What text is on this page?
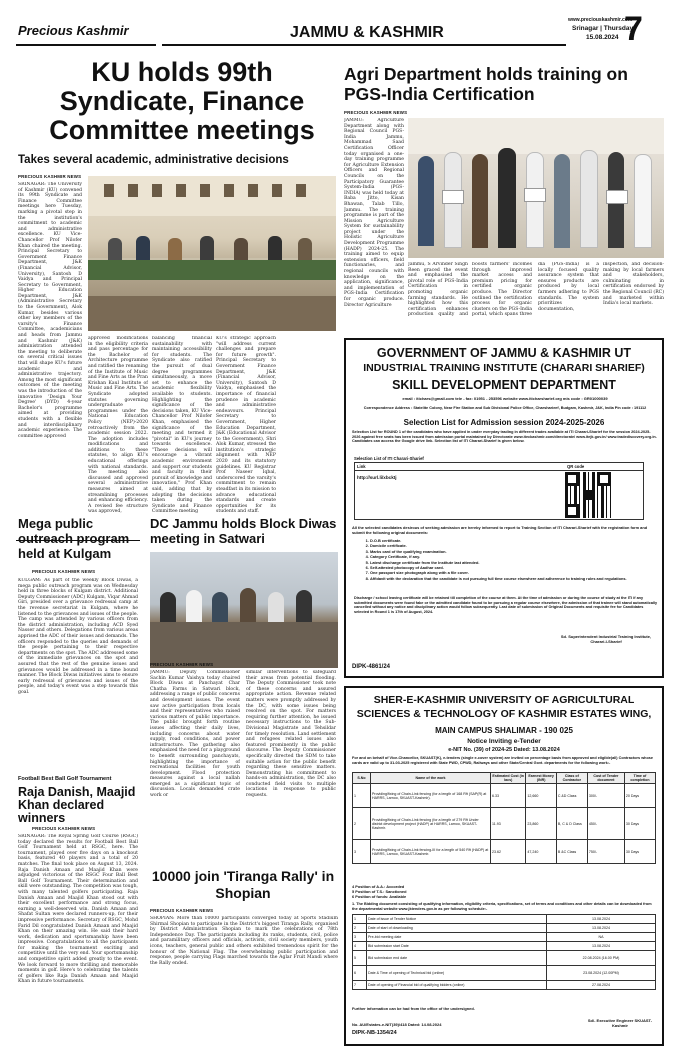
Precious Kashmir	JAMMU & KASHMIR
www.preciouskashmir.com
Srinagar | Thursday
15.08.2024 7
KU holds 99th Syndicate, Finance Committee meetings
Takes several academic, administrative decisions
PRECIOUS KASHMIR NEWS
SRINAGAR: The University of Kashmir (KU) convened its 99th Syndicate and Finance Committee meetings here Tuesday, marking a pivotal step in the institution's commitment to academic and administrative excellence. KU Vice-Chancellor Prof Nilofer Khan chaired the meeting. Principal Secretary to Government Finance Department, J&K (Financial Advisor, University), Santosh D Vaidya and Principal Secretary to Government, Higher Education Department, J&K (Administrative Secretary to the Government), Alok Kumar, besides various other key members of the varsity's Finance Committee, academicians and heads from Jammu and Kashmir (J&K) administration attended the meeting to deliberate on several critical issues that will shape KU's future academic and administrative trajectory. Among the most significant outcomes of the meeting was the introduction of the innovative 'Design Your Degree' (DYD) 4-year Bachelor's programme aimed at providing students with a flexible and interdisciplinary academic experience. The committee approved
approved modifications in the eligibility criteria and pass percentage for the Bachelor of Architecture programme and ratified the renaming of the Institute of Music and Fine Arts as the Pran Krishan Kaul Institute of Music and Fine Arts. The Syndicate adopted statutes governing undergraduate programmes under the National Education Policy (NEP)-2020 retroactively from the academic session 2022. The adoption includes modifications and additions to these statutes, to align KU's educational offerings with national standards. The meeting also discussed and approved several administrative measures aimed at streamlining processes and enhancing efficiency. A revised fee structure was approved,
balancing financial sustainability with maintaining accessibility for students. The Syndicate also ratified the pursuit of dual degree programmes simultaneously, a move set to enhance the academic flexibility available to students. Highlighting the significance of the decisions taken, KU Vice-Chancellor Prof Nilofer Khan, emphasised the significance of the meeting and termed it "pivotal" in KU's journey towards excellence. "These decisions will encourage a vibrant academic environment and support our students and faculty in their pursuit of knowledge and innovation," Prof Khan said, adding that by adopting the decisions taken during the Syndicate and Finance Committee meeting
KU's strategic approach "will address current challenges and prepare for future growth". Principal Secretary to Government Finance Department, J&K (Financial Advisor, University), Santosh D Vaidya, emphasised the importance of financial prudence in academic and administrative endeavours. Principal Secretary to Government, Higher Education Department, J&K (Educational Advisor to the Government), Shri Alok Kumar, stressed the institution's strategic alignment with NEP 2020 and its statutory guidelines. KU Registrar Prof Naseer Iqbal, underscored the varsity's commitment to remain steadfast in its mission to advance educational standards and create opportunities for its students and staff.
Agri Department holds training on PGS-India Certification
PRECIOUS KASHMIR NEWS
JAMMU: Agriculture Department along with Regional Council PGS-India Jammu, Mohammad Saad Certification Officer today organised a one-day training programme for Agriculture Extension Officers and Regional Councils on the Participatory Guarantee System-India (PGS-INDIA) was held today at Baba Jitto, Kisan Bhawan, Talab Tillo, Jammu. The training programme is part of the Mission Agriculture System for sustainability project under the Holistic Agriculture Development Programme (HADP) 2024-25. The training aimed to equip extension officers, field functionaries, and regional councils with knowledge on the application, significance, and implementation of PGS-India Certification for organic produce. Director Agriculture
Jammu, S Arvinder Singh Reen graced the event and emphasised the pivotal role of PGS-India Certification in promoting organic farming standards. He highlighted how this certification enhances production quality and boosts farmers' incomes through improved market access and premium pricing for certified organic produce. The Director outlined the certification process for organic clusters on the PGS-India portal, which spans three
dia (PGS-India) is a locally focused quality assurance system that ensures products are produced by local farmers adhering to PGS standards. The system prioritizes documentation, inspection, and decision-making by local farmers and stakeholders, culminating in certification endorsed by the Regional Council (RC) and marketed within India's local markets.
GOVERNMENT OF JAMMU & KASHMIR UT
INDUSTRIAL TRAINING INSTITUTE (CHARARI SHARIEF)
SKILL DEVELOPMENT DEPARTMENT
email : itichars@gmail.com tele - fax: 01951 - 253596 website www.iticharsharief.org mis code : GR01000039
Correspondence Address : Statelite Colony, Near Fire Station and Sub Divisional Police Office, Charsharieef, Budgam, Kashmir, J&K, India Pin code : 191112
Selection List for Admission session 2024-2025-2026
Selection List for ROUND 1 of the candidates who have applied in under everyday trading in different trades available at ITI Charari-Sharief for the session 2024-2025-2026 against free seats has been issued from admission portal maintained by Directorate www.iteckashmir.com/directorate/ www.itejk.gov.in/ www.tradediscovery.org.in. Candidates can access the Google drive link. Selection list of ITI Charari-Sharief is given below.
Selection List of ITI Charari-Sharief
Link	QR code
http://surl.li/xbcktj
All the selected candidates desirous of seeking admission are hereby informed to report to Training Section of ITI Charari-Sharief with the registration form and submit the following original documents:
1. D.O.B certificate.
2. Domicile certificate.
3. Marks card of the qualifying examination.
4. Category Certificate, if any.
5. Latest discharge certificate from the Institute last attended.
6. Self-attested photocopy of Aadhar card.
7. One passport size photograph along with a file cover.
8. Affidavit with the declaration that the candidate is not pursuing full time course elsewhere and adherence to training rules and regulations.
Discharge / school leaving certificate will be retained till completion of the course at them. At the time of admission or during the course of study at the ITI if any submitted documents were found fake or the admitted candidate found to be pursuing a regular course elsewhere, the admission of that trainee will stand automatically cancelled without any notice and disciplinary action would follow subsequently. Last date of submission of Original Documents and requisite fee for Candidates selected in Round 1 is 17th of August, 2024.
Sd. Superintendent Industrial Training Institute, Charari-I-Sharief
DIPK-4861/24
Mega public outreach program held at Kulgam
PRECIOUS KASHMIR NEWS
KULGAM: As part of the weekly Block Diwas, a mega public outreach program was on Wednesday held in three blocks of Kulgam district. Additional Deputy Commissioner (ADC) Kulgam, Viqar Ahmad Giri, presided over a grievance redressal camp at the revenue secretariat in Kulgam, where he listened to the grievances and issues of the people. The camp was attended by various officers from the district administration, including ACD Syed Nasser and others. Delegations from various areas apprised the ADC of their issues and demands. The officers responded to the queries and demands of the people pertaining to their respective departments on the spot. The ADC addressed some of the immediate grievances on the spot and assured that the rest of the genuine issues and grievances would be addressed in a time bound manner. The Block Diwas initiatives aims to ensure early redressal of grievances and issues of the people, and today's event was a step towards this goal.
Football Best Ball Golf Tournament
Raja Danish, Maajid Khan declared winners
PRECIOUS KASHMIR NEWS
SRINAGAR: The Royal Spring Golf Course (RSGC) today declared the results for Football Best Ball Golf Tournament held at RSGC, here. The tournament, played over five days on a knockout basis, featured 40 players and a total of 20 matches. The final took place on August 13, 2024. Raja Danish Amaan and Maajid Khan were adjudged victorious of the RSGC Four Ball Best Ball Golf Tournament. Their determination and skill were outstanding. The competition was tough, with many talented golfers participating. Raja Danish Amaan and Maajid Khan stood out with their excellent performance and strong focus, earning a well-deserved win. Danish Amaan and Shafat Sultan were declared runners-up, for their impressive performance. Secretary of RSGC, Mohd Farid Dil congratulated Danish Amaan and Maajid Khan on their amazing win. He said their hard work, dedication and sportsmanship have been impressive. Congratulations to all the participants for making the tournament exciting and competitive until the very end. Your sportsmanship and competitive spirit added greatly to the event. We look forward to more thrilling and memorable moments in golf. Here's to celebrating the talents of golfers like Raja Danish Amaan and Maajid Khan in future tournaments.
DC Jammu holds Block Diwas meeting in Satwari
PRECIOUS KASHMIR NEWS
JAMMU: Deputy Commissioner Sachin Kumar Vaishya today chaired Block Diwas at Panchayat Char Chatha Farms in Satwari block, addressing a range of public concerns and development issues. The event saw active participation from locals and their representatives who raised various matters of public importance. The public brought forth routine issues affecting their daily lives, including concerns about water supply, road conditions, and power infrastructure. The gathering also emphasized the need for a playground to benefit surrounding panchayats, highlighting the importance of recreational facilities for youth development. Flood protection measures against a local nallah emerged as a significant topic of discussion. Locals demanded crate work or
similar interventions to safeguard their areas from potential flooding. The Deputy Commissioner took note of these concerns and assured appropriate action. Revenue related matters were promptly addressed by the DC, with some issues being resolved on the spot. For matters requiring further attention, he issued necessary instructions to the Sub-Divisional Magistrate and Tehsildar for timely resolution. Land settlement and refugees related issues also featured prominently in the public discourse. The Deputy Commissioner specifically directed the SDM to take suitable action for the public benefit regarding these sensitive matters. Demonstrating his commitment to hands-on administration, the DC also conducted field visits to multiple locations in response to public requests.
10000 join 'Tiranga Rally' in Shopian
PRECIOUS KASHMIR NEWS
SHOPIAN: More than 10000 participants converged today at Sports Stadium Shirmal Shopian to participate in the District's biggest Tiranga Rally, organised by District Administration Shopian to mark the celebrations of 78th Independence Day. The participants including its ranks, students, civil, police and paramilitary officers and officials, activists, civil society members, youth icons, teachers, general public and others exhibited tremendous spirit for the honour of the National Flag. The overwhelming public participation and response, people carrying Flags marched towards the Aglar Fruit Mandi where the Rally ended.
SHER-E-KASHMIR UNIVERSITY OF AGRICULTURAL
SCIENCES & TECHNOLOGY OF KASHMIR ESTATES WING,
MAIN CAMPUS SHALIMAR - 190 025
Notice Inviting e-Tender
e-NIT No. (39) of 2024-25 Dated: 13.08.2024
For and on behalf of Vice-Chancellor, SKUAST(K), e-tenders (single e-cover system) are invited on percentage basis from approved and eligible(all) Contractors whose cards are valid up to 31-03-2025 registered with State PWD, CPWD, Railways and other State/Central Govt. departments for the following work:-
S.No	Name of the work	Estimated Cost (in lacs)	Earnest Money (INR)	Class of Contractor	Cost of Tender document	Time of completion
1	Providing/fixing of Chain-Link fencing (for a length of 168 Rft (SAP(R) at HARRS, Larnoo, SKUAST-Kashmir).	6.33	12,660	C &D Class	300/-	20 Days
2	Providing/fixing of Chain-Link fencing (for a length of 279 Rft Under district development project (HADP) at HARRS, Larnoo, SKUAST-Kashmir.	11.93	23,860	B, C & D Class	450/-	30 Days
3	Providing/fixing of Chain-Link fencing-III for a length of 540 Rft (HADP) at HARRS, Larnoo, SKUAST-Kashmir.	23.62	47,240	B &C Class	750/-	30 Days
4 Position of A.A.: Accorded
5 Position of T.S.: Sanctioned
6 Position of funds: Available
1. The Bidding document consisting of qualifying information, eligibility criteria, specifications, set of terms and conditions and other details can be downloaded from the departmental website www.jktenders.gov.in as per following schedule:-
1	Date of issue of Tender Notice	13.08.2024
2	Date of start of downloading	13.08.2024
3	Pre-bid meeting date	NA
4	Bid submission start Date	13.08.2024
5	Bid submission end date	22.08.2024 (16.00 PM)
6	Date & Time of opening of Technical bid (online)	23.08.2024 (12.00PM)
7	Date of opening of Financial bid of qualifying bidders (online)	27.08.2024
Further information can be had from the office of the undersigned.
No. AU/Estates-e-NIT(39)/418 Dated: 14.08.2024
DIPK-NB-1354/24
Sd/- Executive Engineer SKUAST-Kashmir
